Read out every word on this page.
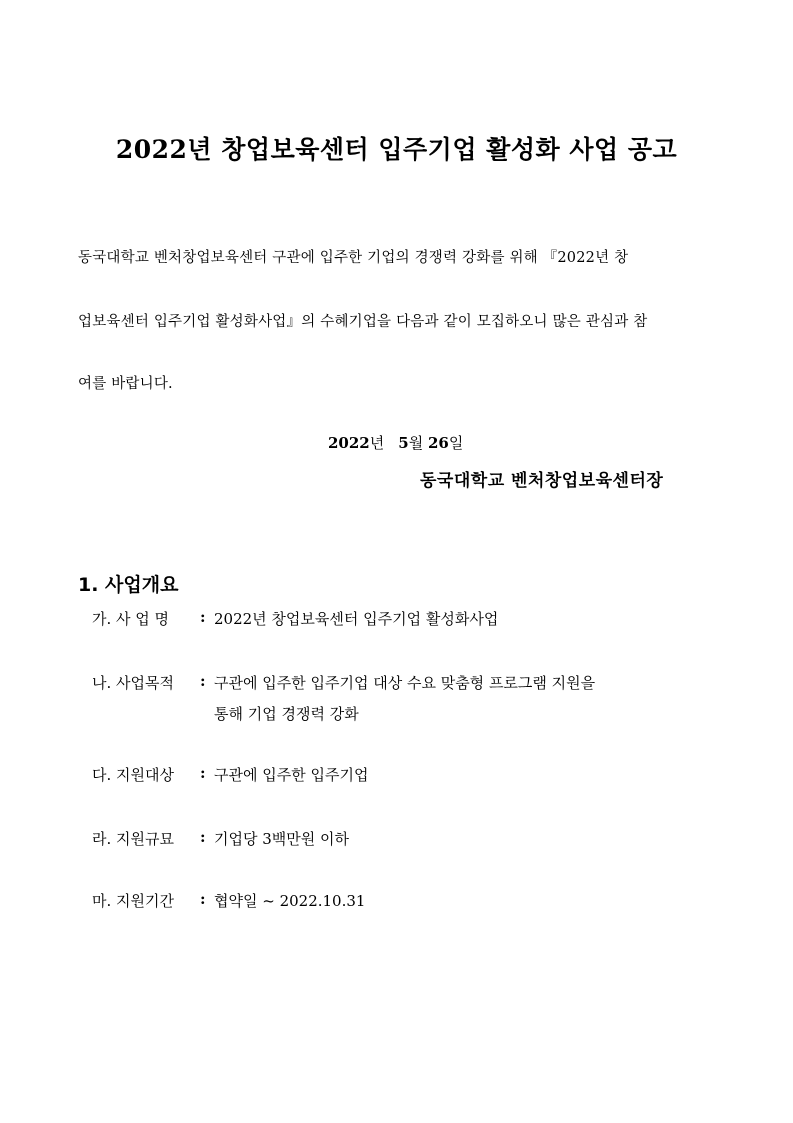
2022년 창업보육센터 입주기업 활성화 사업 공고
동국대학교 벤처창업보육센터 구관에 입주한 기업의 경쟁력 강화를 위해 『2022년 창
업보육센터 입주기업 활성화사업』의 수혜기업을 다음과 같이 모집하오니 많은 관심과 참
여를 바랍니다.
2022년 5월 26일
동국대학교 벤처창업보육센터장
1. 사업개요
가. 사 업 명	: 2022년 창업보육센터 입주기업 활성화사업
나. 사업목적	: 구관에 입주한 입주기업 대상 수요 맞춤형 프로그램 지원을
통해 기업 경쟁력 강화
다. 지원대상	: 구관에 입주한 입주기업
라. 지원규묘	: 기업당 3백만원 이하
마. 지원기간	: 협약일 ~ 2022.10.31
